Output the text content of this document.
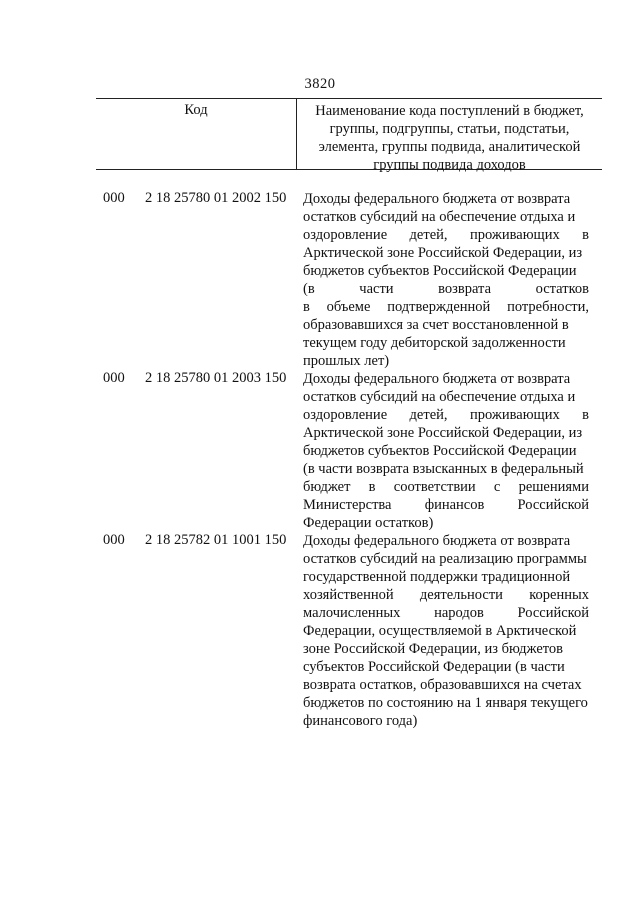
3820
Код	Наименование кода поступлений в бюджет,
группы, подгруппы, статьи, подстатьи,
элемента, группы подвида, аналитической
группы подвида доходов
000 2 18 25780 01 2002 150 Доходы федерального бюджета от возврата
остатков субсидий на обеспечение отдыха и
оздоровление детей, проживающих в
Арктической зоне Российской Федерации, из
бюджетов субъектов Российской Федерации
(в части возврата остатков
в объеме подтвержденной потребности,
образовавшихся за счет восстановленной в
текущем году дебиторской задолженности
прошлых лет)
000 2 18 25780 01 2003 150 Доходы федерального бюджета от возврата
остатков субсидий на обеспечение отдыха и
оздоровление детей, проживающих в
Арктической зоне Российской Федерации, из
бюджетов субъектов Российской Федерации
(в части возврата взысканных в федеральный
бюджет в соответствии с решениями
Министерства финансов Российской
Федерации остатков)
000 2 18 25782 01 1001 150 Доходы федерального бюджета от возврата
остатков субсидий на реализацию программы
государственной поддержки традиционной
хозяйственной деятельности коренных
малочисленных народов Российской
Федерации, осуществляемой в Арктической
зоне Российской Федерации, из бюджетов
субъектов Российской Федерации (в части
возврата остатков, образовавшихся на счетах
бюджетов по состоянию на 1 января текущего
финансового года)
